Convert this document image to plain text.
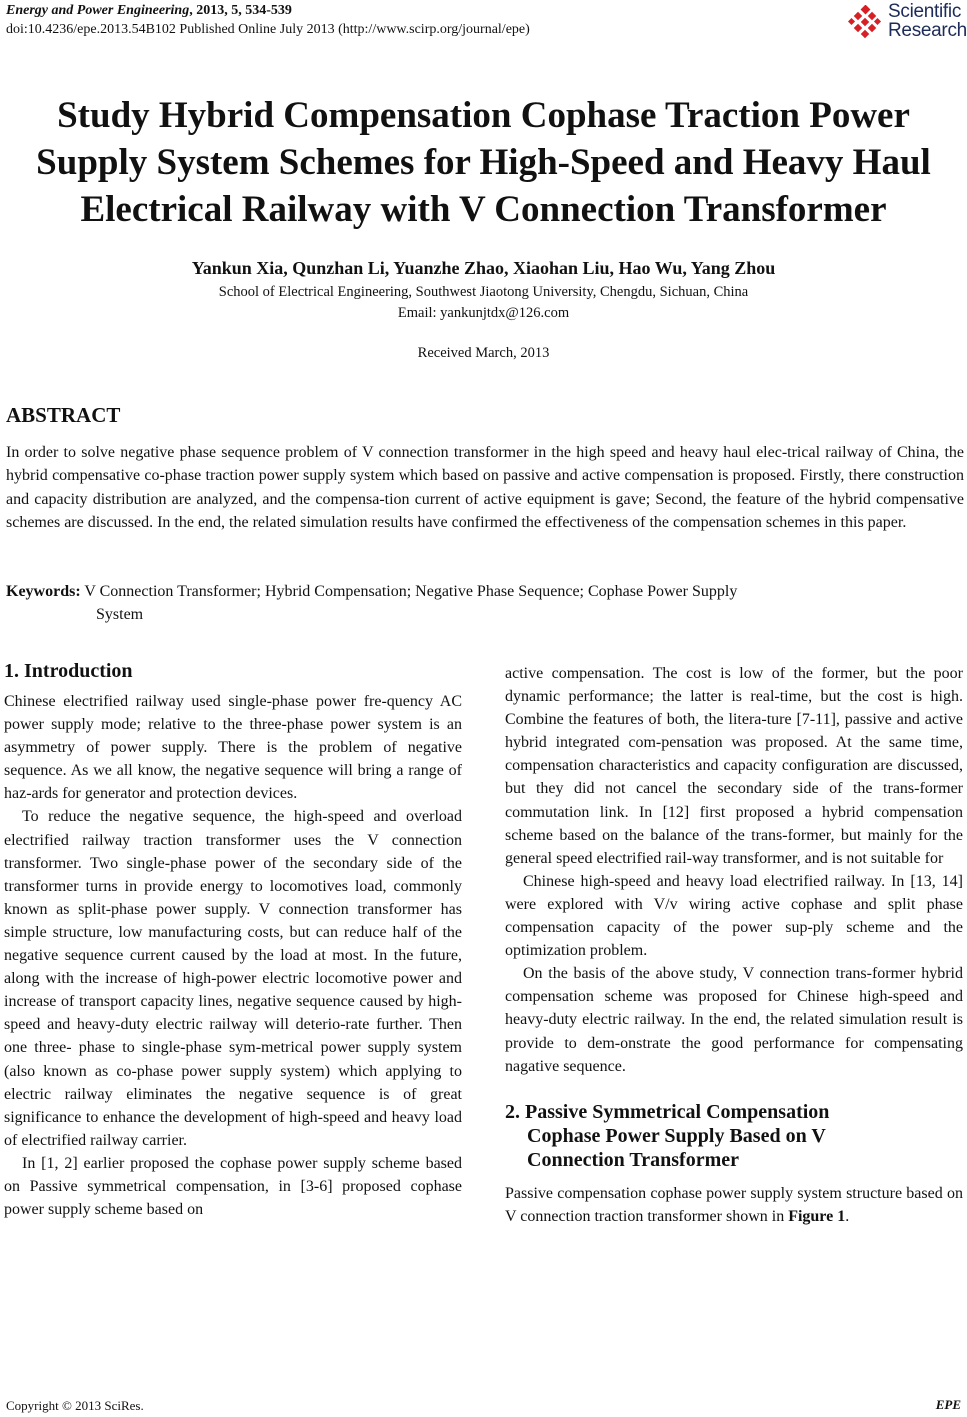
Energy and Power Engineering, 2013, 5, 534-539
doi:10.4236/epe.2013.54B102 Published Online July 2013 (http://www.scirp.org/journal/epe)
Scientific
Research
Study Hybrid Compensation Cophase Traction Power
Supply System Schemes for High-Speed and Heavy Haul
Electrical Railway with V Connection Transformer
Yankun Xia, Qunzhan Li, Yuanzhe Zhao, Xiaohan Liu, Hao Wu, Yang Zhou
School of Electrical Engineering, Southwest Jiaotong University, Chengdu, Sichuan, China
Email: yankunjtdx@126.com
Received March, 2013
ABSTRACT
In order to solve negative phase sequence problem of V connection transformer in the high speed and heavy haul elec-trical railway of China, the hybrid compensative co-phase traction power supply system which based on passive and active compensation is proposed. Firstly, there construction and capacity distribution are analyzed, and the compensa-tion current of active equipment is gave; Second, the feature of the hybrid compensative schemes are discussed. In the end, the related simulation results have confirmed the effectiveness of the compensation schemes in this paper.
Keywords: V Connection Transformer; Hybrid Compensation; Negative Phase Sequence; Cophase Power Supply
System
1. Introduction

Chinese electrified railway used single-phase power fre-quency AC power supply mode; relative to the three-phase power system is an asymmetry of power supply. There is the problem of negative sequence. As we all know, the negative sequence will bring a range of haz-ards for generator and protection devices.

To reduce the negative sequence, the high-speed and overload electrified railway traction transformer uses the V connection transformer. Two single-phase power of the secondary side of the transformer turns in provide energy to locomotives load, commonly known as split-phase power supply. V connection transformer has simple structure, low manufacturing costs, but can reduce half of the negative sequence current caused by the load at most. In the future, along with the increase of high-power electric locomotive power and increase of transport capacity lines, negative sequence caused by high-speed and heavy-duty electric railway will deterio-rate further. Then one three- phase to single-phase sym-metrical power supply system (also known as co-phase power supply system) which applying to electric railway eliminates the negative sequence is of great significance to enhance the development of high-speed and heavy load of electrified railway carrier.

In [1, 2] earlier proposed the cophase power supply scheme based on Passive symmetrical compensation, in [3-6] proposed cophase power supply scheme based on

active compensation. The cost is low of the former, but the poor dynamic performance; the latter is real-time, but the cost is high. Combine the features of both, the litera-ture [7-11], passive and active hybrid integrated com-pensation was proposed. At the same time, compensation characteristics and capacity configuration are discussed, but they did not cancel the secondary side of the trans-former commutation link. In [12] first proposed a hybrid compensation scheme based on the balance of the trans-former, but mainly for the general speed electrified rail-way transformer, and is not suitable for

Chinese high-speed and heavy load electrified railway. In [13, 14] were explored with V/v wiring active cophase and split phase compensation capacity of the power sup-ply scheme and the optimization problem.

On the basis of the above study, V connection trans-former hybrid compensation scheme was proposed for Chinese high-speed and heavy-duty electric railway. In the end, the related simulation result is provide to dem-onstrate the good performance for compensating nagative sequence.

2. Passive Symmetrical Compensation
Cophase Power Supply Based on V
Connection Transformer

Passive compensation cophase power supply system structure based on V connection traction transformer shown in Figure 1.

Copyright © 2013 SciRes.	EPE
